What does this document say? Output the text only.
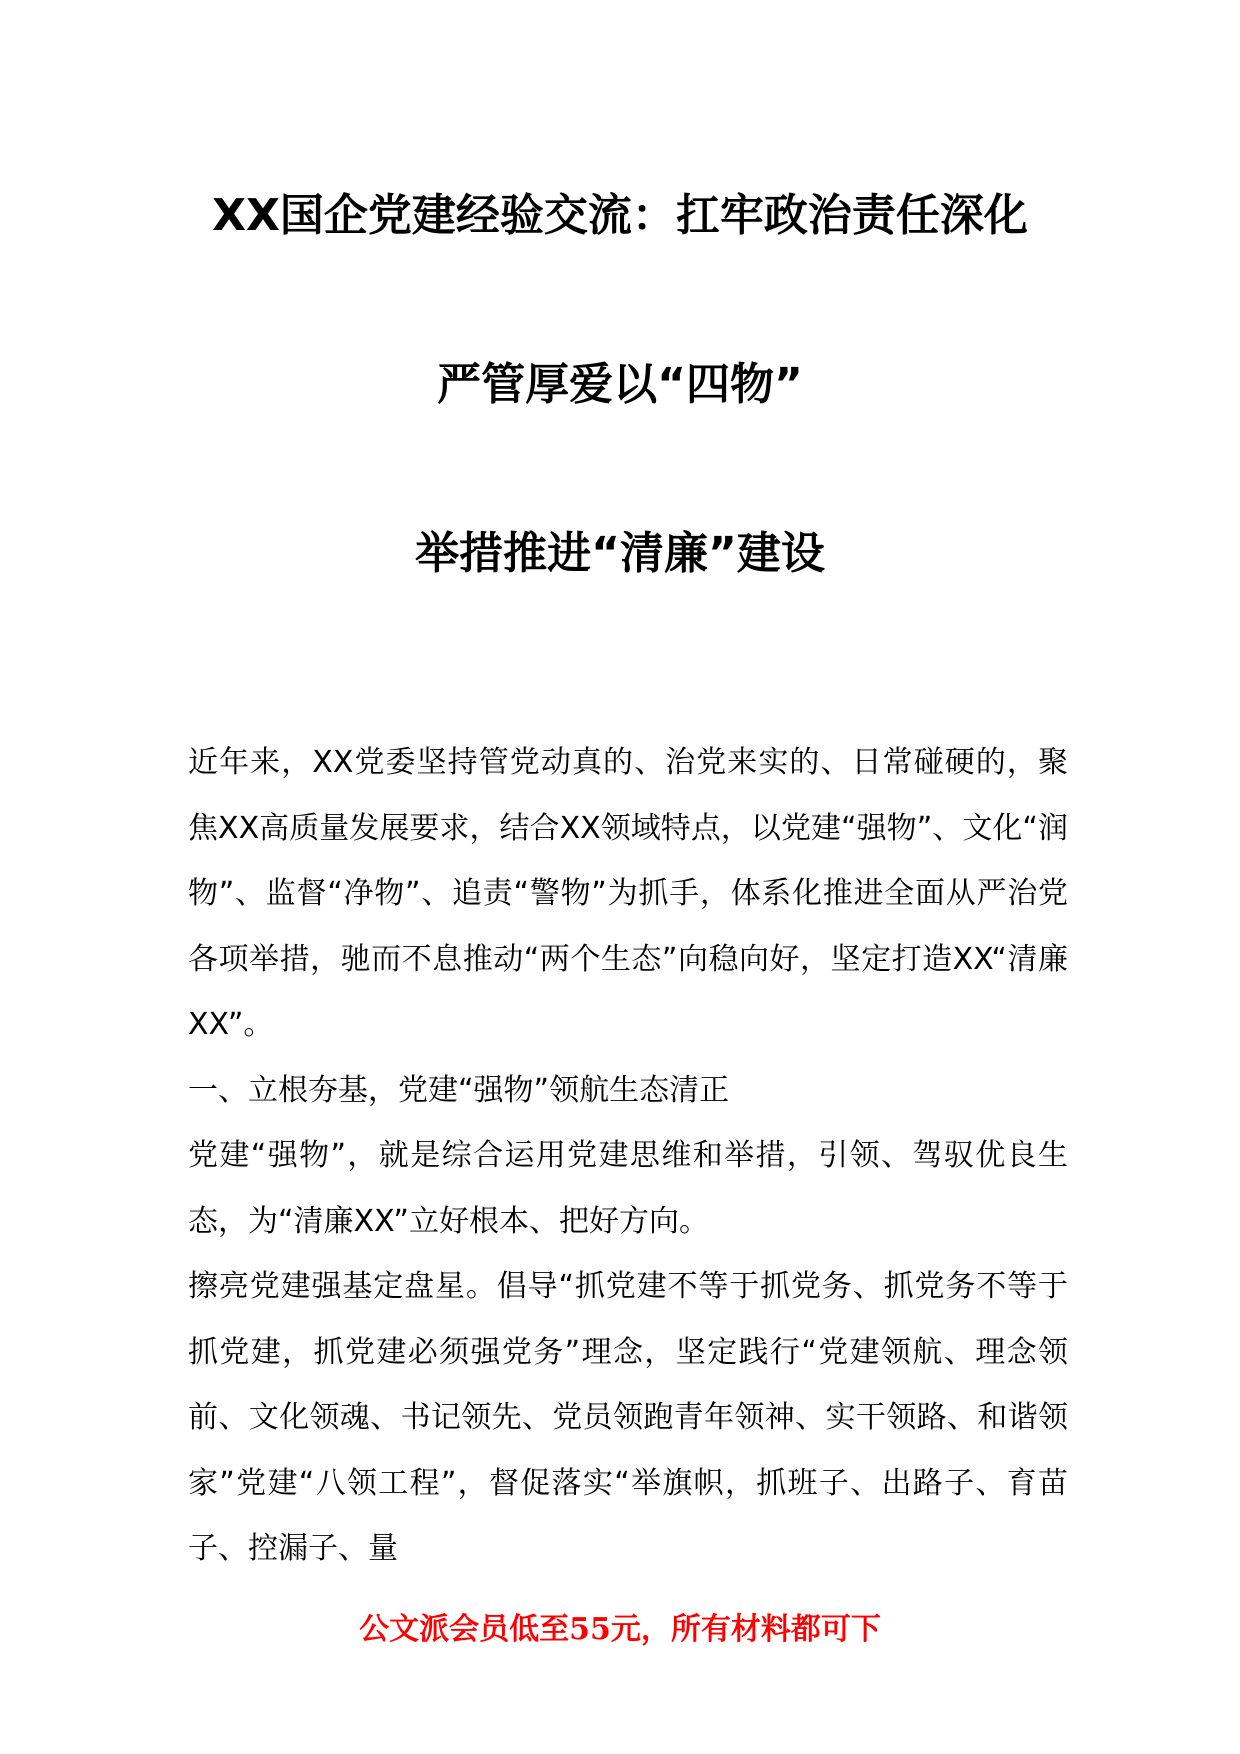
XX国企党建经验交流：扛牢政治责任深化

严管厚爱以“四物”

举措推进“清廉”建设

近年来，XX党委坚持管党动真的、治党来实的、日常碰硬的，聚焦XX高质量发展要求，结合XX领域特点，以党建“强物”、文化“润物”、监督“净物”、追责“警物”为抓手，体系化推进全面从严治党各项举措，驰而不息推动“两个生态”向稳向好，坚定打造XX“清廉XX”。

一、立根夯基，党建“强物”领航生态清正

党建“强物”，就是综合运用党建思维和举措，引领、驾驭优良生态，为“清廉XX”立好根本、把好方向。

擦亮党建强基定盘星。倡导“抓党建不等于抓党务、抓党务不等于抓党建，抓党建必须强党务”理念，坚定践行“党建领航、理念领前、文化领魂、书记领先、党员领跑青年领神、实干领路、和谐领家”党建“八领工程”，督促落实“举旗帜，抓班子、出路子、育苗子、控漏子、量

公文派会员低至55元，所有材料都可下
